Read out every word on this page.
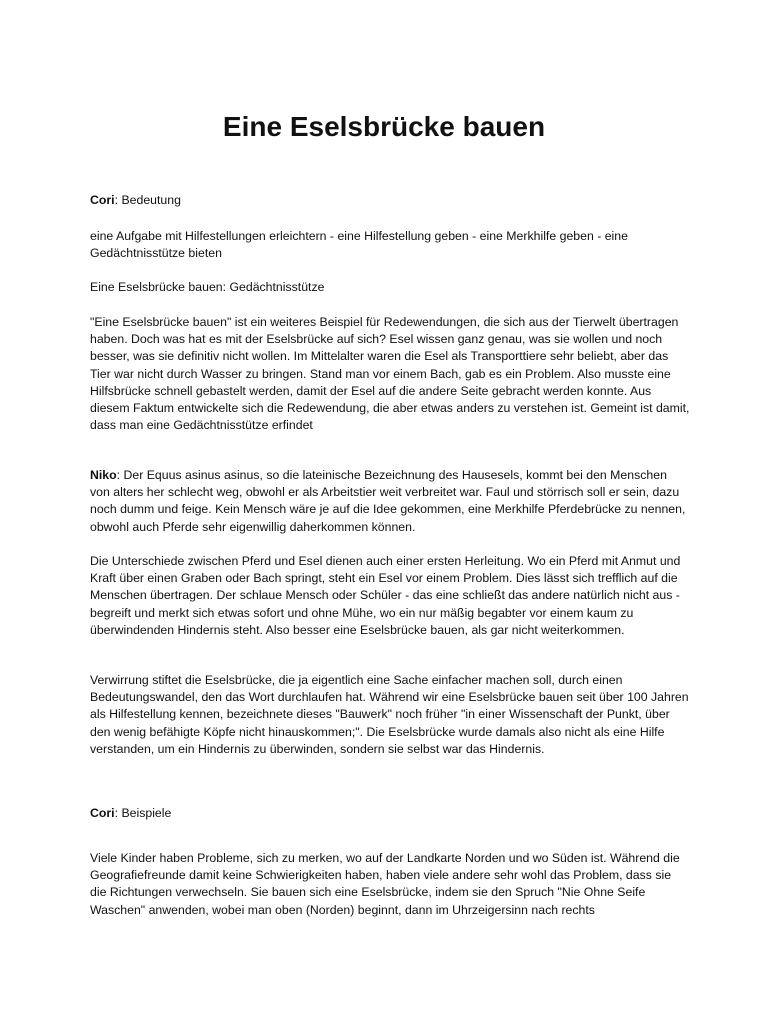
Eine Eselsbrücke bauen

Cori: Bedeutung

eine Aufgabe mit Hilfestellungen erleichtern - eine Hilfestellung geben - eine Merkhilfe geben - eine Gedächtnisstütze bieten

Eine Eselsbrücke bauen: Gedächtnisstütze

"Eine Eselsbrücke bauen" ist ein weiteres Beispiel für Redewendungen, die sich aus der Tierwelt übertragen haben. Doch was hat es mit der Eselsbrücke auf sich? Esel wissen ganz genau, was sie wollen und noch besser, was sie definitiv nicht wollen. Im Mittelalter waren die Esel als Transporttiere sehr beliebt, aber das Tier war nicht durch Wasser zu bringen. Stand man vor einem Bach, gab es ein Problem. Also musste eine Hilfsbrücke schnell gebastelt werden, damit der Esel auf die andere Seite gebracht werden konnte. Aus diesem Faktum entwickelte sich die Redewendung, die aber etwas anders zu verstehen ist. Gemeint ist damit, dass man eine Gedächtnisstütze erfindet

Niko: Der Equus asinus asinus, so die lateinische Bezeichnung des Hausesels, kommt bei den Menschen von alters her schlecht weg, obwohl er als Arbeitstier weit verbreitet war. Faul und störrisch soll er sein, dazu noch dumm und feige. Kein Mensch wäre je auf die Idee gekommen, eine Merkhilfe Pferdebrücke zu nennen, obwohl auch Pferde sehr eigenwillig daherkommen können.

Die Unterschiede zwischen Pferd und Esel dienen auch einer ersten Herleitung. Wo ein Pferd mit Anmut und Kraft über einen Graben oder Bach springt, steht ein Esel vor einem Problem. Dies lässt sich trefflich auf die Menschen übertragen. Der schlaue Mensch oder Schüler - das eine schließt das andere natürlich nicht aus - begreift und merkt sich etwas sofort und ohne Mühe, wo ein nur mäßig begabter vor einem kaum zu überwindenden Hindernis steht. Also besser eine Eselsbrücke bauen, als gar nicht weiterkommen.

Verwirrung stiftet die Eselsbrücke, die ja eigentlich eine Sache einfacher machen soll, durch einen Bedeutungswandel, den das Wort durchlaufen hat. Während wir eine Eselsbrücke bauen seit über 100 Jahren als Hilfestellung kennen, bezeichnete dieses "Bauwerk" noch früher "in einer Wissenschaft der Punkt, über den wenig befähigte Köpfe nicht hinauskommen;". Die Eselsbrücke wurde damals also nicht als eine Hilfe verstanden, um ein Hindernis zu überwinden, sondern sie selbst war das Hindernis.

Cori: Beispiele

Viele Kinder haben Probleme, sich zu merken, wo auf der Landkarte Norden und wo Süden ist. Während die Geografiefreunde damit keine Schwierigkeiten haben, haben viele andere sehr wohl das Problem, dass sie die Richtungen verwechseln. Sie bauen sich eine Eselsbrücke, indem sie den Spruch "Nie Ohne Seife Waschen" anwenden, wobei man oben (Norden) beginnt, dann im Uhrzeigersinn nach rechts
